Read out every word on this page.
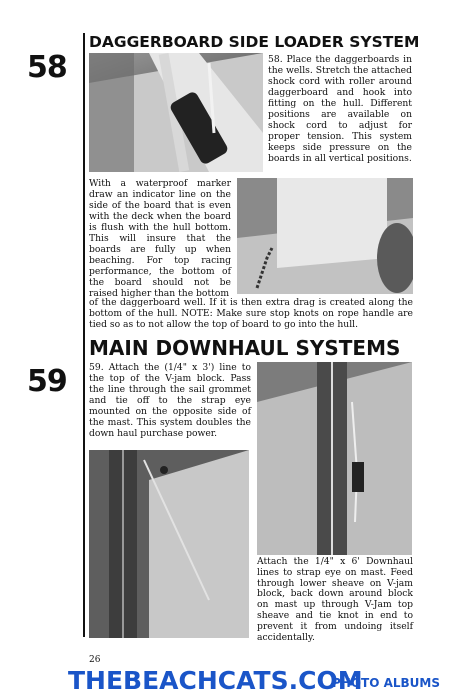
58
DAGGERBOARD SIDE LOADER SYSTEM
58. Place the daggerboards in the wells. Stretch the attached shock cord with roller around daggerboard and hook into fitting on the hull. Different positions are available on shock cord to adjust for proper tension. This system keeps side pressure on the boards in all vertical positions.
With a waterproof marker draw an indicator line on the side of the board that is even with the deck when the board is flush with the hull bottom. This will insure that the boards are fully up when beaching. For top racing performance, the bottom of the board should not be raised higher than the bottom
of the daggerboard well. If it is then extra drag is created along the bottom of the hull. NOTE: Make sure stop knots on rope handle are tied so as to not allow the top of board to go into the hull.
59
MAIN DOWNHAUL SYSTEMS
59. Attach the (1/4" x 3') line to the top of the V-jam block. Pass the line through the sail grommet and tie off to the strap eye mounted on the opposite side of the mast. This system doubles the down haul purchase power.
Attach the 1/4" x 6' Downhaul lines to strap eye on mast. Feed through lower sheave on V-jam block, back down around block on mast up through V-Jam top sheave and tie knot in end to prevent it from undoing itself accidentally.
26
THEBEACHCATS.COM
PHOTO ALBUMS
